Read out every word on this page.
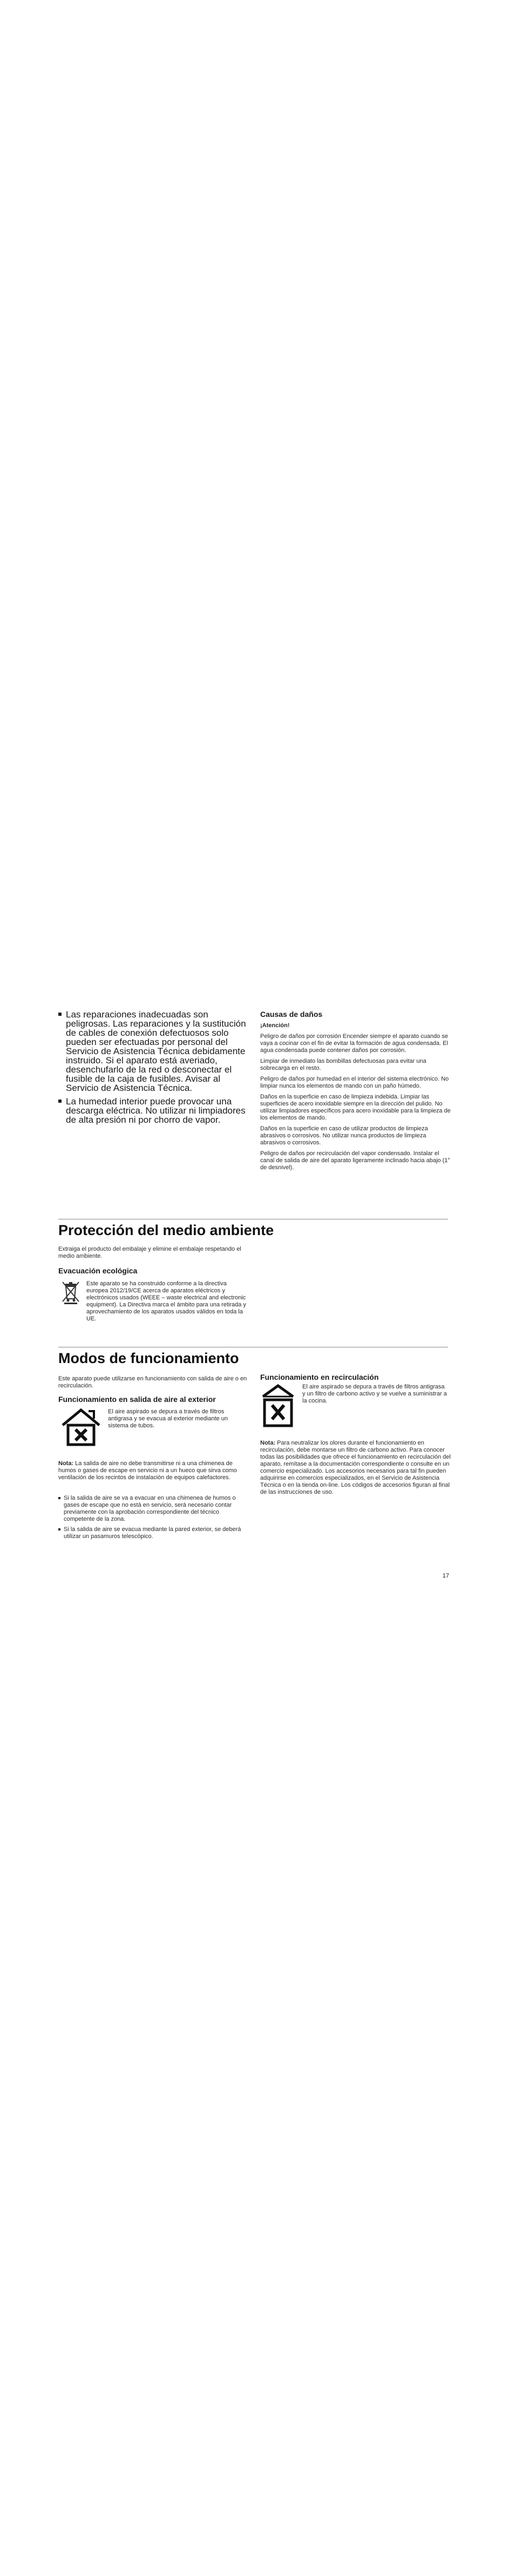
Las reparaciones inadecuadas son peligrosas. Las reparaciones y la sustitución de cables de conexión defectuosos solo pueden ser efectuadas por personal del Servicio de Asistencia Técnica debidamente instruido. Si el aparato está averiado, desenchufarlo de la red o desconectar el fusible de la caja de fusibles. Avisar al Servicio de Asistencia Técnica.
La humedad interior puede provocar una descarga eléctrica. No utilizar ni limpiadores de alta presión ni por chorro de vapor.
Causas de daños

¡Atención!

Peligro de daños por corrosión Encender siempre el aparato cuando se vaya a cocinar con el fin de evitar la formación de agua condensada. El agua condensada puede contener daños por corrosión.

Limpiar de inmediato las bombillas defectuosas para evitar una sobrecarga en el resto.

Peligro de daños por humedad en el interior del sistema electrónico. No limpiar nunca los elementos de mando con un paño húmedo.

Daños en la superficie en caso de limpieza indebida. Limpiar las superficies de acero inoxidable siempre en la dirección del pulido. No utilizar limpiadores específicos para acero inoxidable para la limpieza de los elementos de mando.

Daños en la superficie en caso de utilizar productos de limpieza abrasivos o corrosivos. No utilizar nunca productos de limpieza abrasivos o corrosivos.

Peligro de daños por recirculación del vapor condensado. Instalar el canal de salida de aire del aparato ligeramente inclinado hacia abajo (1° de desnivel).

Protección del medio ambiente
Extraiga el producto del embalaje y elimine el embalaje respetando el medio ambiente.
Evacuación ecológica
Este aparato se ha construido conforme a la directiva europea 2012/19/CE acerca de aparatos eléctricos y electrónicos usados (WEEE – waste electrical and electronic equipment). La Directiva marca el ámbito para una retirada y aprovechamiento de los aparatos usados válidos en toda la UE.
Modos de funcionamiento
Este aparato puede utilizarse en funcionamiento con salida de aire o en recirculación.
Funcionamiento en salida de aire al exterior
El aire aspirado se depura a través de filtros antigrasa y se evacua al exterior mediante un sistema de tubos.
Nota: La salida de aire no debe transmitirse ni a una chimenea de humos o gases de escape en servicio ni a un hueco que sirva como ventilación de los recintos de instalación de equipos calefactores.
Si la salida de aire se va a evacuar en una chimenea de humos o gases de escape que no está en servicio, será necesario contar previamente con la aprobación correspondiente del técnico competente de la zona.
Si la salida de aire se evacua mediante la pared exterior, se deberá utilizar un pasamuros telescópico.
Funcionamiento en recirculación
El aire aspirado se depura a través de filtros antigrasa y un filtro de carbono activo y se vuelve a suministrar a la cocina.
Nota: Para neutralizar los olores durante el funcionamiento en recirculación, debe montarse un filtro de carbono activo. Para conocer todas las posibilidades que ofrece el funcionamiento en recirculación del aparato, remítase a la documentación correspondiente o consulte en un comercio especializado. Los accesorios necesarios para tal fin pueden adquirirse en comercios especializados, en el Servicio de Asistencia Técnica o en la tienda on-line. Los códigos de accesorios figuran al final de las instrucciones de uso.
17
